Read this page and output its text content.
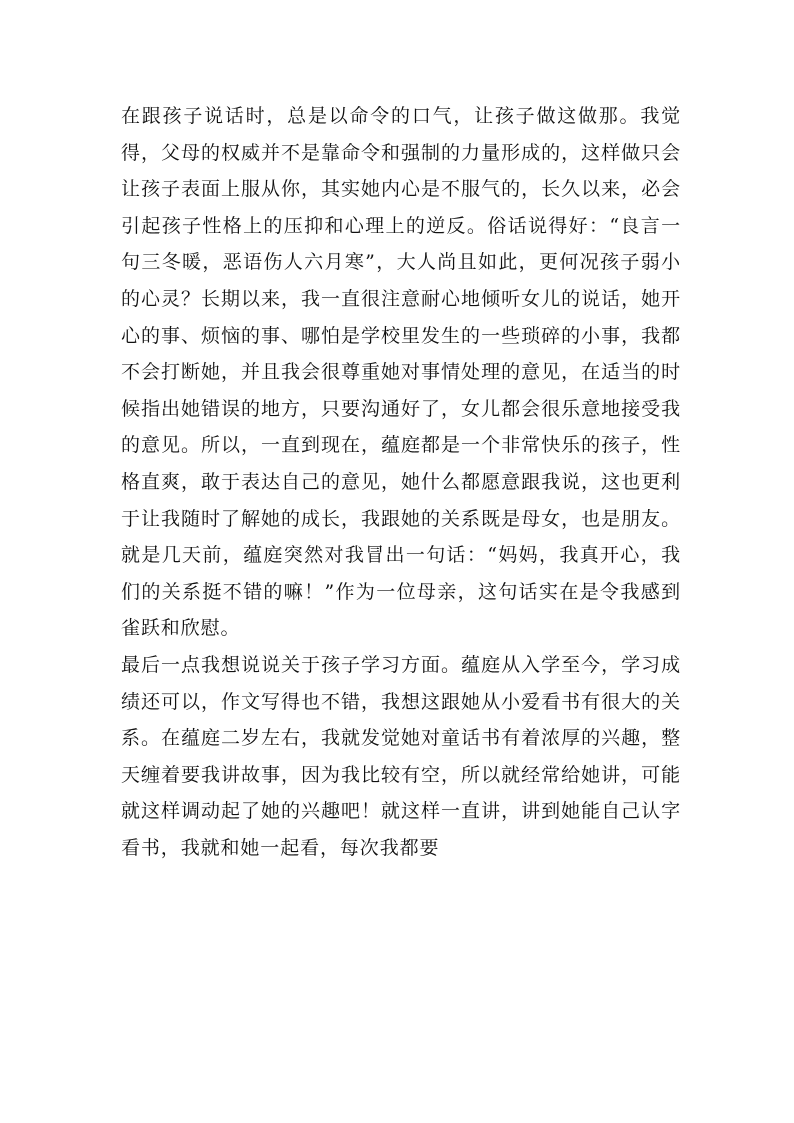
在跟孩子说话时，总是以命令的口气，让孩子做这做那。我觉得，父母的权威并不是靠命令和强制的力量形成的，这样做只会让孩子表面上服从你，其实她内心是不服气的，长久以来，必会引起孩子性格上的压抑和心理上的逆反。俗话说得好：“良言一句三冬暖，恶语伤人六月寒”，大人尚且如此，更何况孩子弱小的心灵？长期以来，我一直很注意耐心地倾听女儿的说话，她开心的事、烦恼的事、哪怕是学校里发生的一些琐碎的小事，我都不会打断她，并且我会很尊重她对事情处理的意见，在适当的时候指出她错误的地方，只要沟通好了，女儿都会很乐意地接受我的意见。所以，一直到现在，蕴庭都是一个非常快乐的孩子，性格直爽，敢于表达自己的意见，她什么都愿意跟我说，这也更利于让我随时了解她的成长，我跟她的关系既是母女，也是朋友。就是几天前，蕴庭突然对我冒出一句话：“妈妈，我真开心，我们的关系挺不错的嘛！”作为一位母亲，这句话实在是令我感到雀跃和欣慰。

最后一点我想说说关于孩子学习方面。蕴庭从入学至今，学习成绩还可以，作文写得也不错，我想这跟她从小爱看书有很大的关系。在蕴庭二岁左右，我就发觉她对童话书有着浓厚的兴趣，整天缠着要我讲故事，因为我比较有空，所以就经常给她讲，可能就这样调动起了她的兴趣吧！就这样一直讲，讲到她能自己认字看书，我就和她一起看，每次我都要
